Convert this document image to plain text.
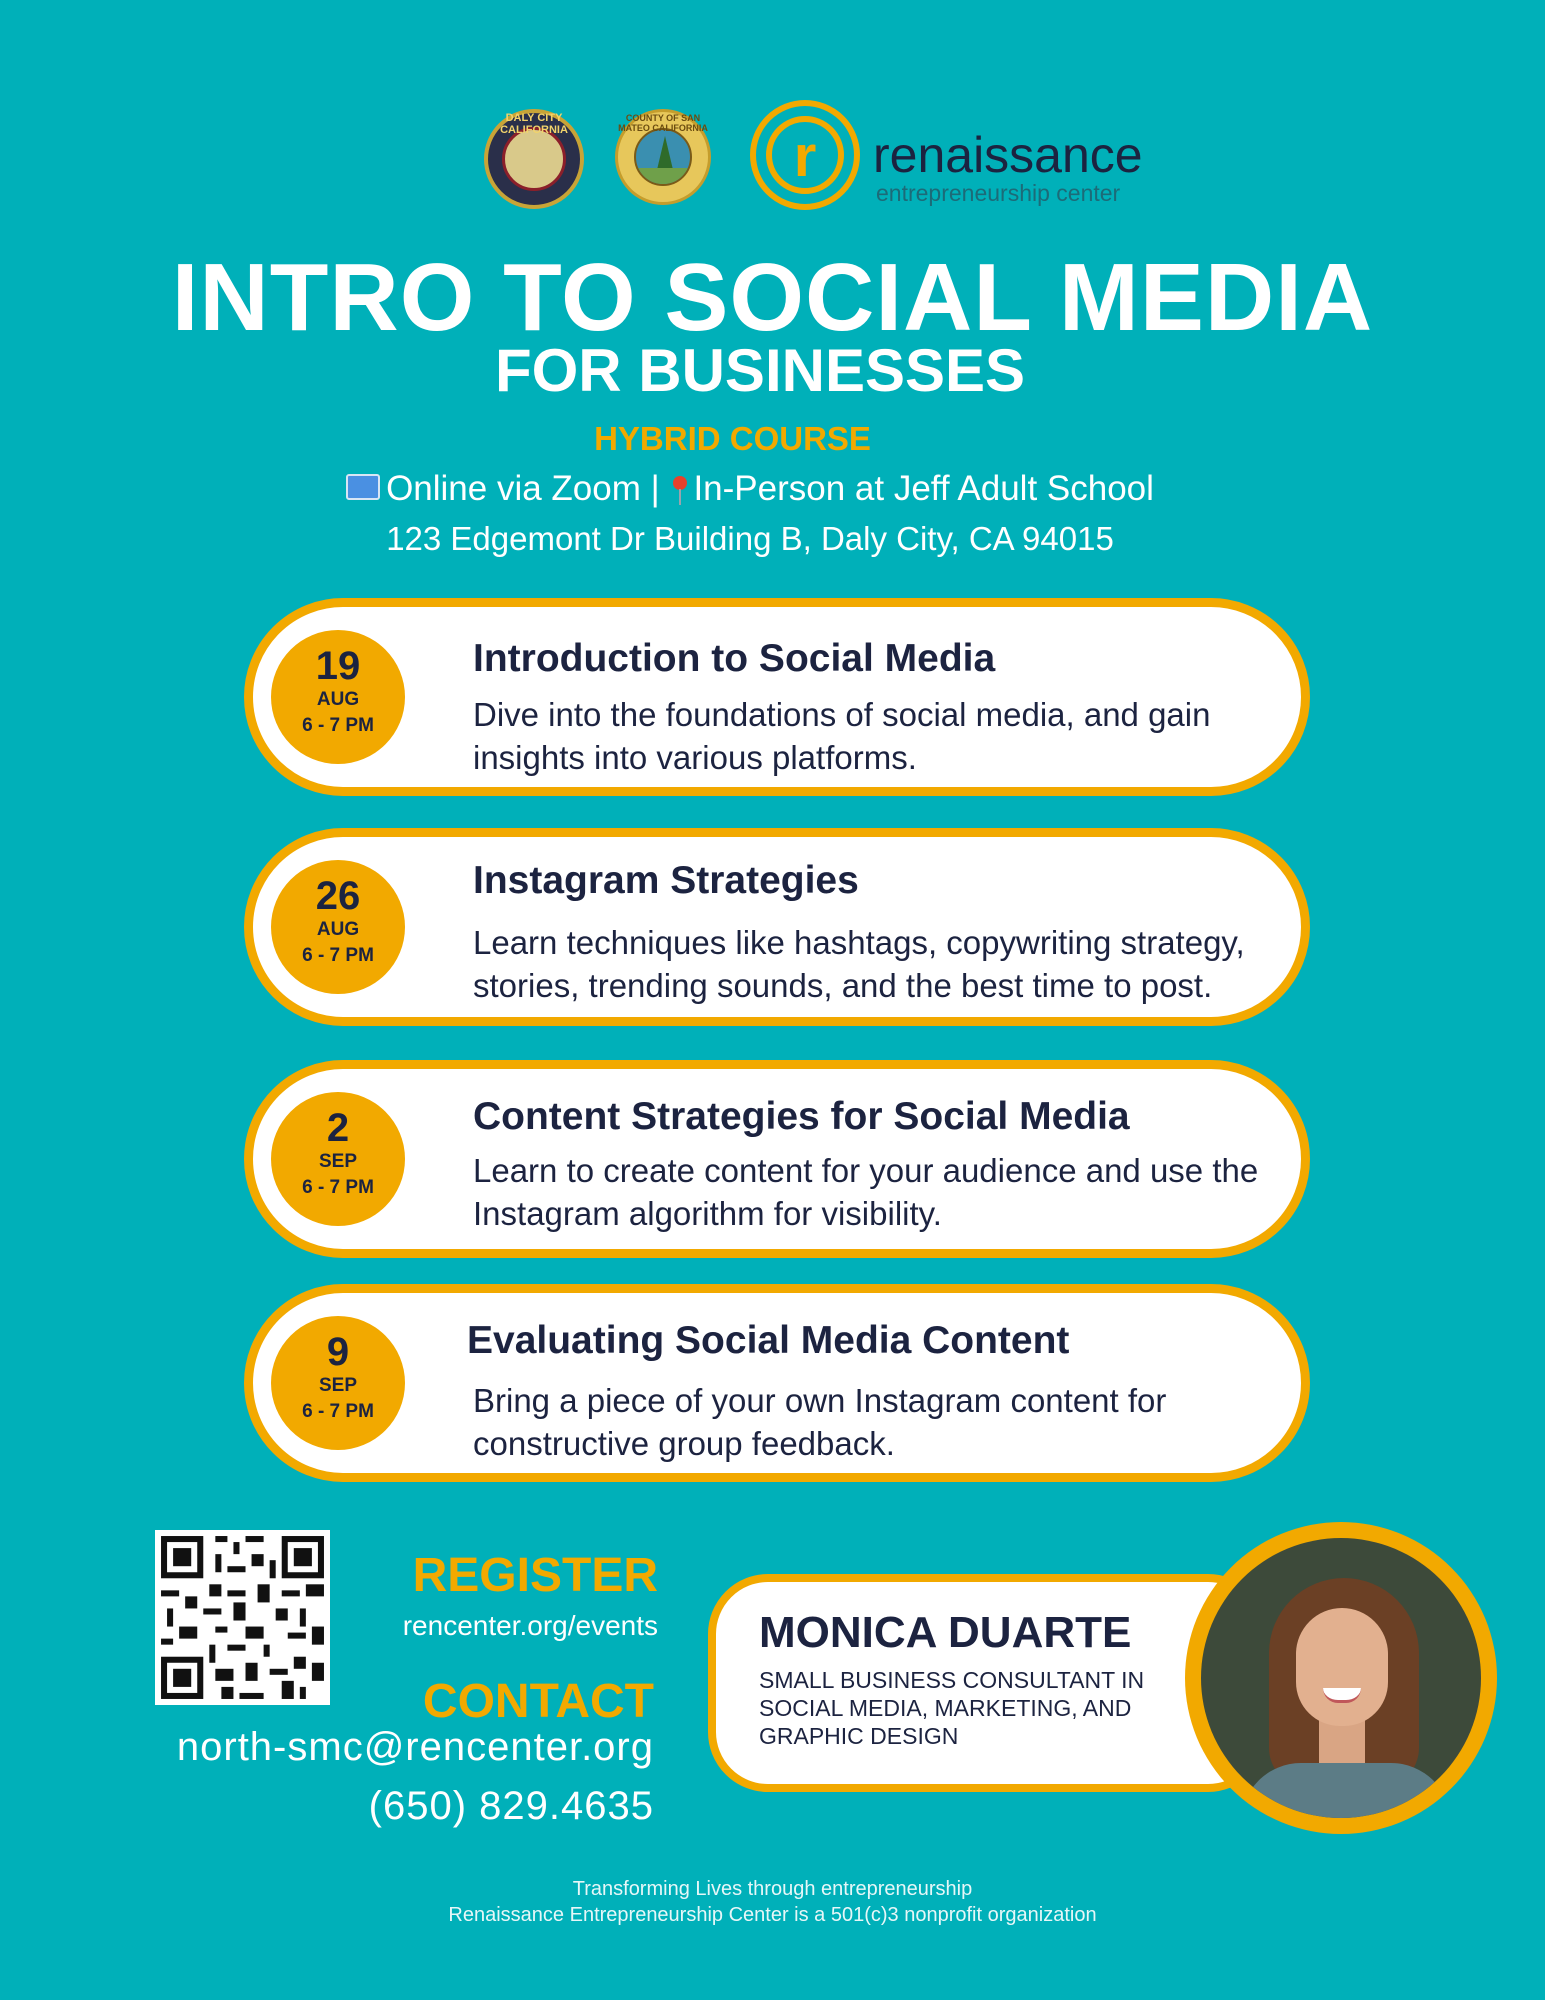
DALY CITY CALIFORNIA
COUNTY OF SAN MATEO CALIFORNIA	r	renaissance
entrepreneurship center
INTRO TO SOCIAL MEDIA
FOR BUSINESSES
HYBRID COURSE
Online via Zoom | In-Person at Jeff Adult School
123 Edgemont Dr Building B, Daly City, CA 94015
19
AUG
6 - 7 PM
Introduction to Social Media
Dive into the foundations of social media, and gain insights into various platforms.
26
AUG
6 - 7 PM
Instagram Strategies
Learn techniques like hashtags, copywriting strategy, stories, trending sounds, and the best time to post.
2
SEP
6 - 7 PM
Content Strategies for Social Media
Learn to create content for your audience and use the Instagram algorithm for visibility.
9
SEP
6 - 7 PM
Evaluating Social Media Content
Bring a piece of your own Instagram content for constructive group feedback.
REGISTER
rencenter.org/events
CONTACT
north-smc@rencenter.org
(650) 829.4635
MONICA DUARTE
SMALL BUSINESS CONSULTANT IN SOCIAL MEDIA, MARKETING, AND GRAPHIC DESIGN
Transforming Lives through entrepreneurship
Renaissance Entrepreneurship Center is a 501(c)3 nonprofit organization
